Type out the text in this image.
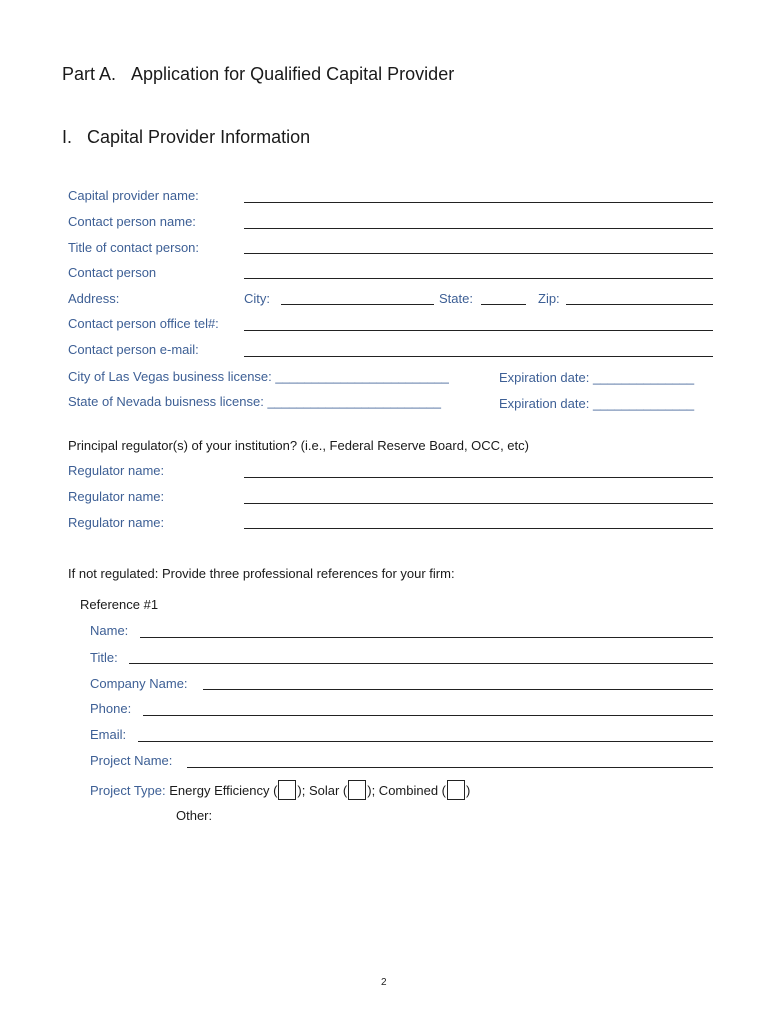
Part A.   Application for Qualified Capital Provider
I.   Capital Provider Information
Capital provider name:
Contact person name:
Title of contact person:
Contact person
Address:	City:	State:	Zip:
Contact person office tel#:
Contact person e-mail:
City of Las Vegas business license: ________________________	Expiration date: ______________
State of Nevada buisness license: ________________________	Expiration date: ______________
Principal regulator(s) of your institution? (i.e., Federal Reserve Board, OCC, etc)
Regulator name:
Regulator name:
Regulator name:
If not regulated: Provide three professional references for your firm:
Reference #1
Name:
Title:
Company Name:
Phone:
Email:
Project Name:
Project Type: Energy Efficiency ( ); Solar ( ); Combined ( )
Other:
2
